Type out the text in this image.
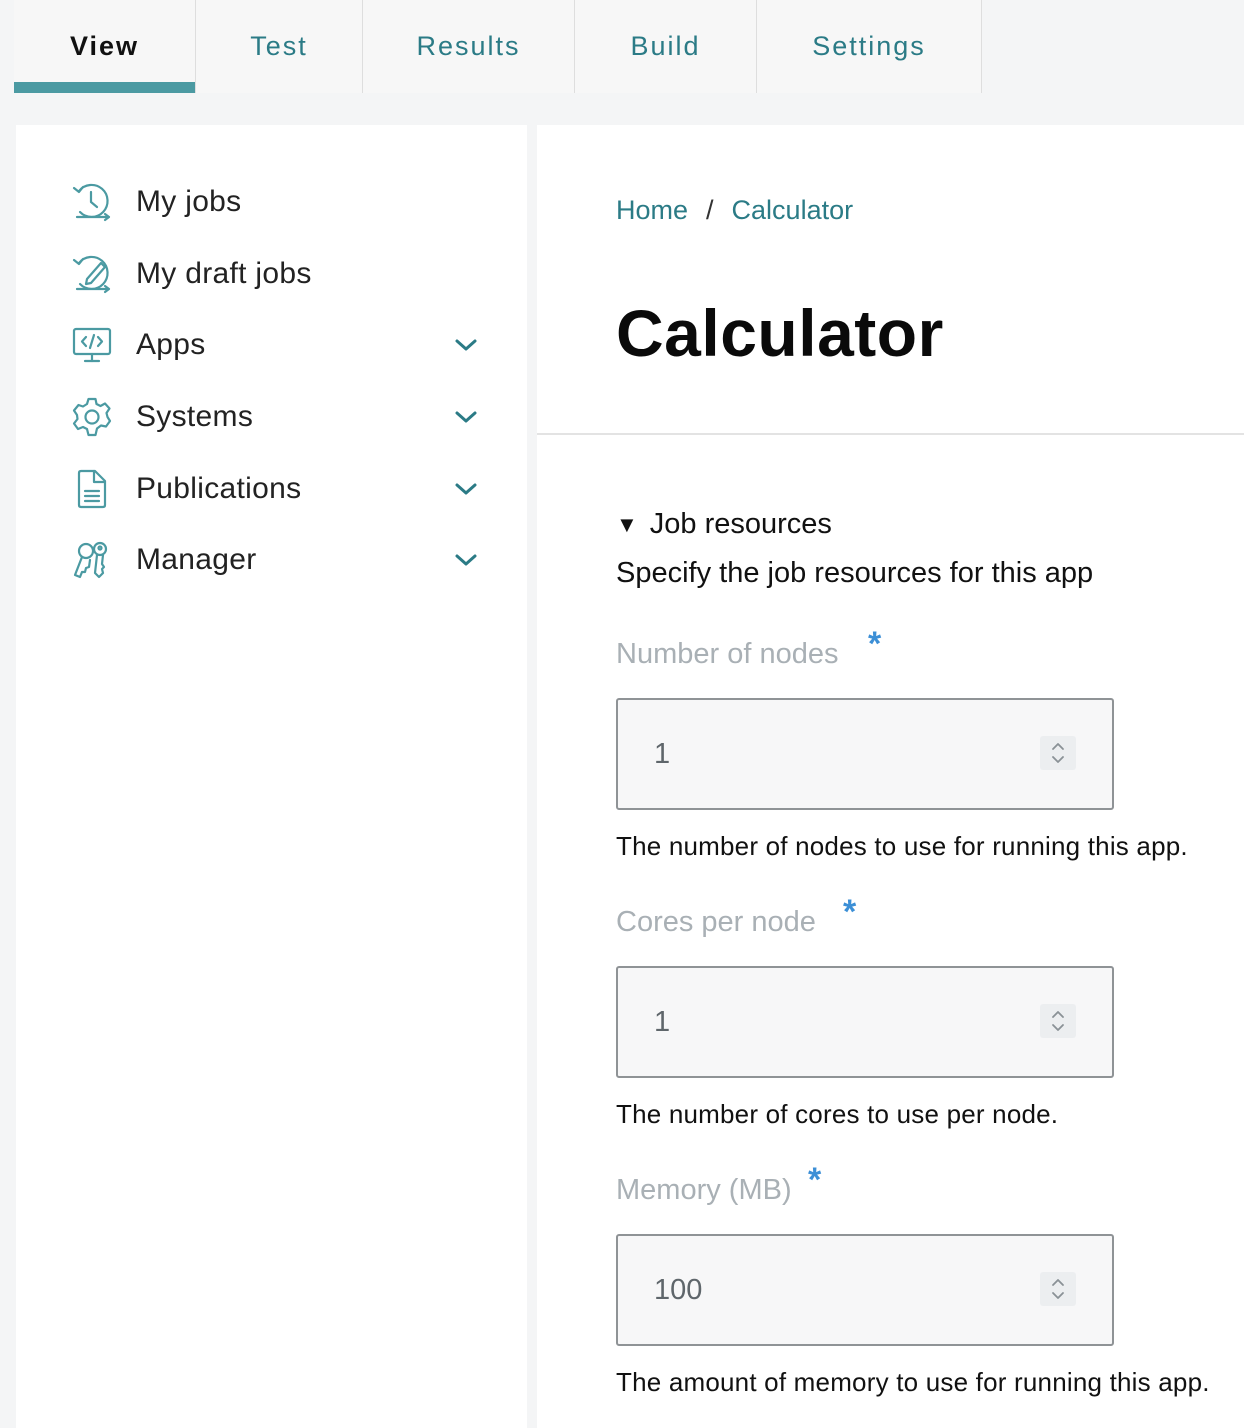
View	Test	Results	Build	Settings
My jobs
My draft jobs
Apps
Systems
Publications
Manager
Home / Calculator
Calculator
▼ Job resources
Specify the job resources for this app
Number of nodes *
1
The number of nodes to use for running this app.
Cores per node *
1
The number of cores to use per node.
Memory (MB) *
100
The amount of memory to use for running this app.
